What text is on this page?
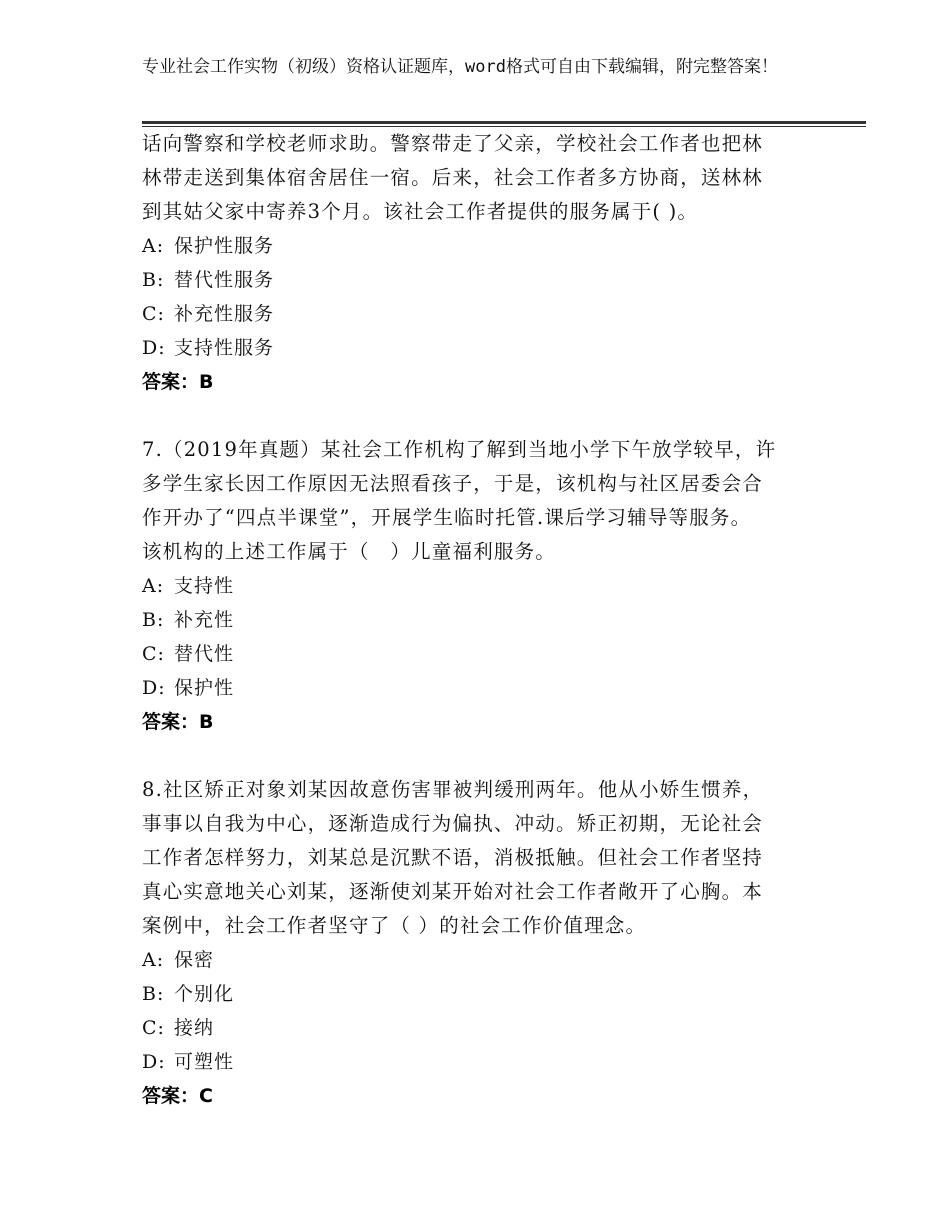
专业社会工作实物（初级）资格认证题库，word格式可自由下载编辑，附完整答案！

话向警察和学校老师求助。警察带走了父亲，学校社会工作者也把林

林带走送到集体宿舍居住一宿。后来，社会工作者多方协商，送林林

到其姑父家中寄养3个月。该社会工作者提供的服务属于( )。

A: 保护性服务

B: 替代性服务

C: 补充性服务

D: 支持性服务

答案：B

7.（2019年真题）某社会工作机构了解到当地小学下午放学较早，许

多学生家长因工作原因无法照看孩子，于是，该机构与社区居委会合

作开办了“四点半课堂”，开展学生临时托管.课后学习辅导等服务。

该机构的上述工作属于（　）儿童福利服务。

A: 支持性

B: 补充性

C: 替代性

D: 保护性

答案：B

8.社区矫正对象刘某因故意伤害罪被判缓刑两年。他从小娇生惯养，

事事以自我为中心，逐渐造成行为偏执、冲动。矫正初期，无论社会

工作者怎样努力，刘某总是沉默不语，消极抵触。但社会工作者坚持

真心实意地关心刘某，逐渐使刘某开始对社会工作者敞开了心胸。本

案例中，社会工作者坚守了（ ）的社会工作价值理念。

A: 保密

B: 个别化

C: 接纳

D: 可塑性

答案：C
